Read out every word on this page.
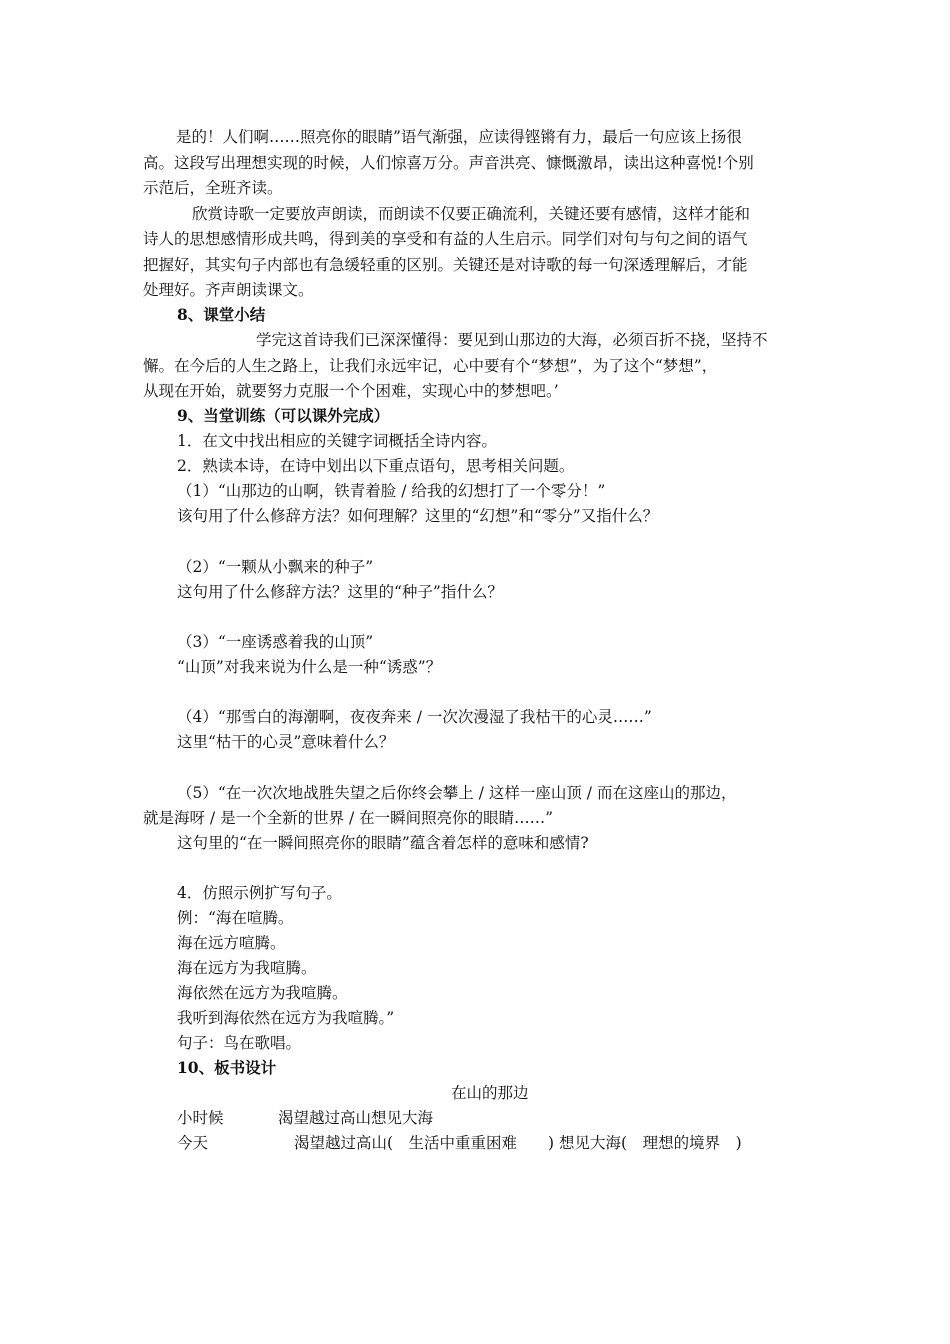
是的！人们啊……照亮你的眼睛”语气渐强，应读得铿锵有力，最后一句应该上扬很
高。这段写出理想实现的时候，人们惊喜万分。声音洪亮、慷慨激昂，读出这种喜悦!个别
示范后，全班齐读。
欣赏诗歌一定要放声朗读，而朗读不仅要正确流利，关键还要有感情，这样才能和
诗人的思想感情形成共鸣，得到美的享受和有益的人生启示。同学们对句与句之间的语气
把握好，其实句子内部也有急缓轻重的区别。关键还是对诗歌的每一句深透理解后，才能
处理好。齐声朗读课文。
8、课堂小结
学完这首诗我们已深深懂得：要见到山那边的大海，必须百折不挠，坚持不
懈。在今后的人生之路上，让我们永远牢记，心中要有个“梦想”，为了这个“梦想”，
从现在开始，就要努力克服一个个困难，实现心中的梦想吧。’
9、当堂训练（可以课外完成）
1．在文中找出相应的关键字词概括全诗内容。
2．熟读本诗，在诗中划出以下重点语句，思考相关问题。
（1）“山那边的山啊，铁青着脸 / 给我的幻想打了一个零分！”
该句用了什么修辞方法？如何理解？这里的“幻想”和“零分”又指什么？
（2）“一颗从小飘来的种子”
这句用了什么修辞方法？这里的“种子”指什么？
（3）“一座诱惑着我的山顶”
“山顶”对我来说为什么是一种“诱惑”？
（4）“那雪白的海潮啊，夜夜奔来 / 一次次漫湿了我枯干的心灵……”
这里“枯干的心灵”意味着什么？
（5）“在一次次地战胜失望之后你终会攀上 / 这样一座山顶 / 而在这座山的那边，
就是海呀 / 是一个全新的世界 / 在一瞬间照亮你的眼睛……”
这句里的“在一瞬间照亮你的眼睛”蕴含着怎样的意味和感情?
4．仿照示例扩写句子。
例：“海在喧腾。
海在远方喧腾。
海在远方为我喧腾。
海依然在远方为我喧腾。
我听到海依然在远方为我喧腾。”
句子：鸟在歌唱。
10、板书设计
在山的那边
小时候	渴望越过高山想见大海
今天	渴望越过高山(　生活中重重困难　　) 想见大海(　理想的境界　)
